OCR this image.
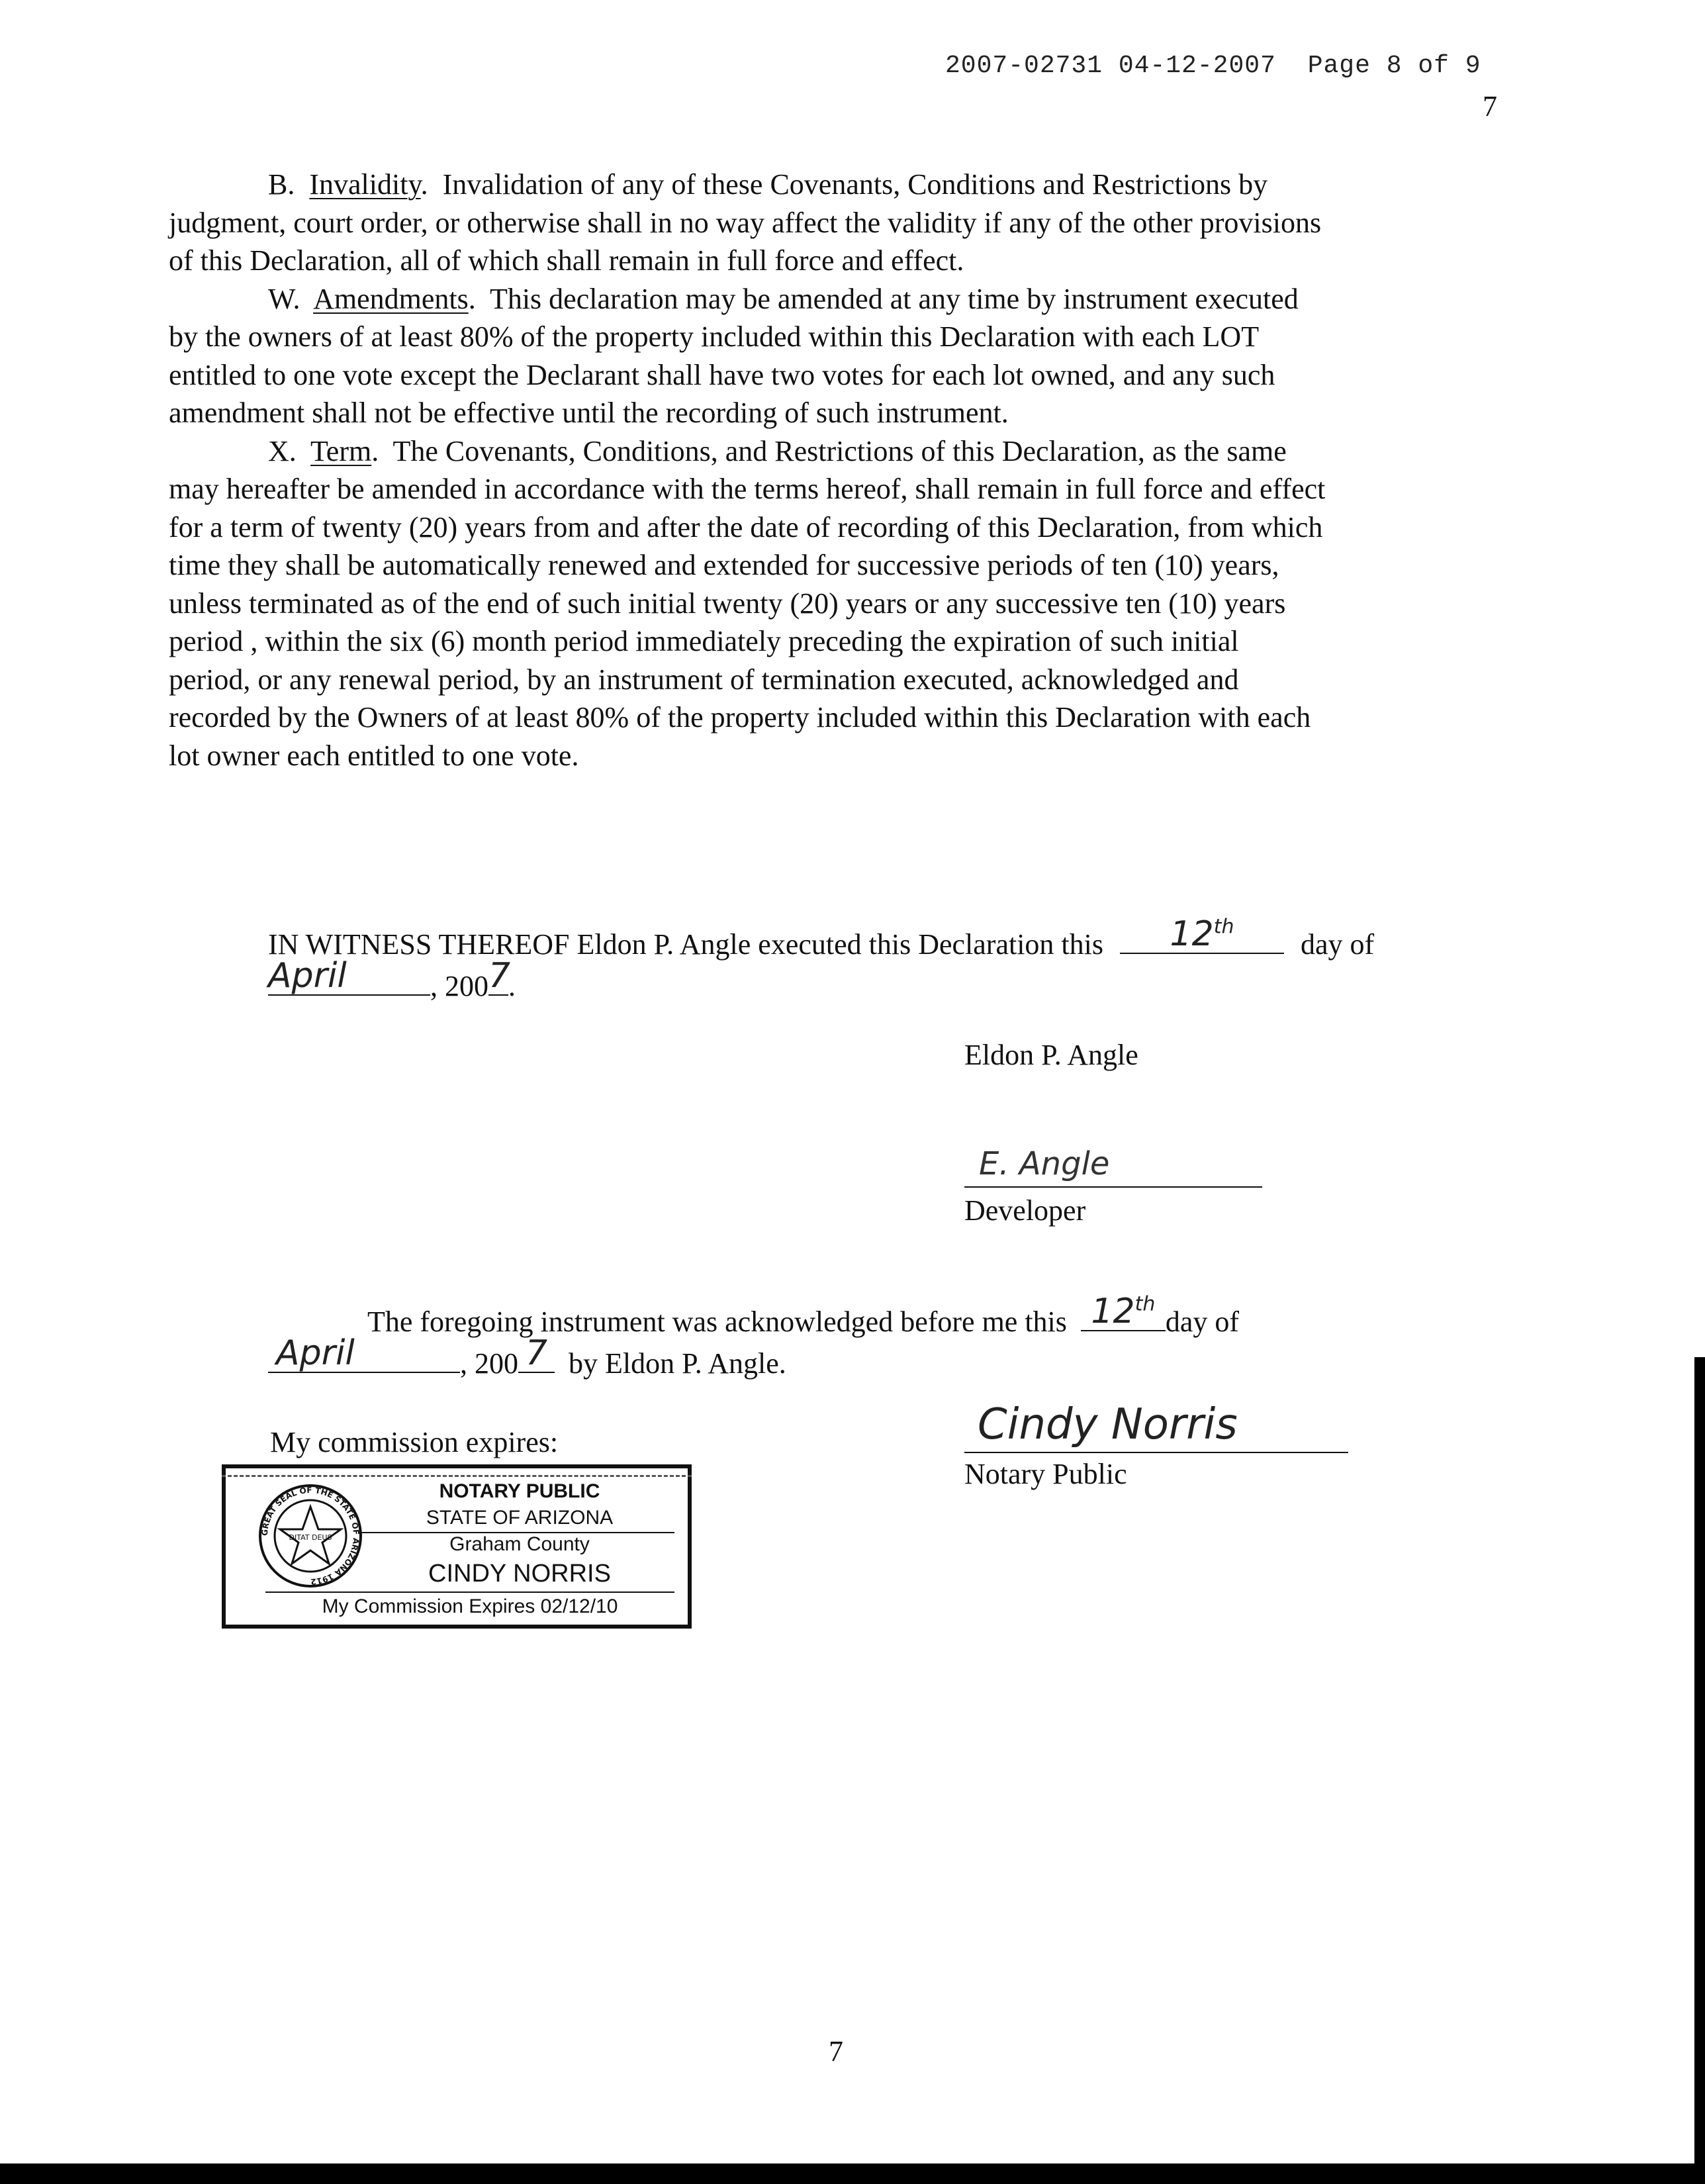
2007-02731 04-12-2007 Page 8 of 9
7

B. Invalidity.  Invalidation of any of these Covenants, Conditions and Restrictions by
judgment, court order, or otherwise shall in no way affect the validity if any of the other provisions
of this Declaration, all of which shall remain in full force and effect.

W. Amendments.  This declaration may be amended at any time by instrument executed
by the owners of at least 80% of the property included within this Declaration with each LOT
entitled to one vote except the Declarant shall have two votes for each lot owned, and any such
amendment shall not be effective until the recording of such instrument.

X. Term.  The Covenants, Conditions, and Restrictions of this Declaration, as the same
may hereafter be amended in accordance with the terms hereof, shall remain in full force and effect
for a term of twenty (20) years from and after the date of recording of this Declaration, from which
time they shall be automatically renewed and extended for successive periods of ten (10) years,
unless terminated as of the end of such initial twenty (20) years or any successive ten (10) years
period , within the six (6) month period immediately preceding the expiration of such initial
period, or any renewal period, by an instrument of termination executed, acknowledged and
recorded by the Owners of at least 80% of the property included within this Declaration with each
lot owner each entitled to one vote.

IN WITNESS THEREOF Eldon P. Angle executed this Declaration this	12th
day of

April	, 200 7
.
Eldon P. Angle
E. Angle
Developer
The foregoing instrument was acknowledged before me this 12th
day of

April	, 200 7 by Eldon P. Angle.
My commission expires:	Cindy Norris
Notary Public
GREAT SEAL OF THE STATE OF ARIZONA 1912
DITAT DEUS
NOTARY PUBLIC
STATE OF ARIZONA
Graham County
CINDY NORRIS
My Commission Expires 02/12/10
7
